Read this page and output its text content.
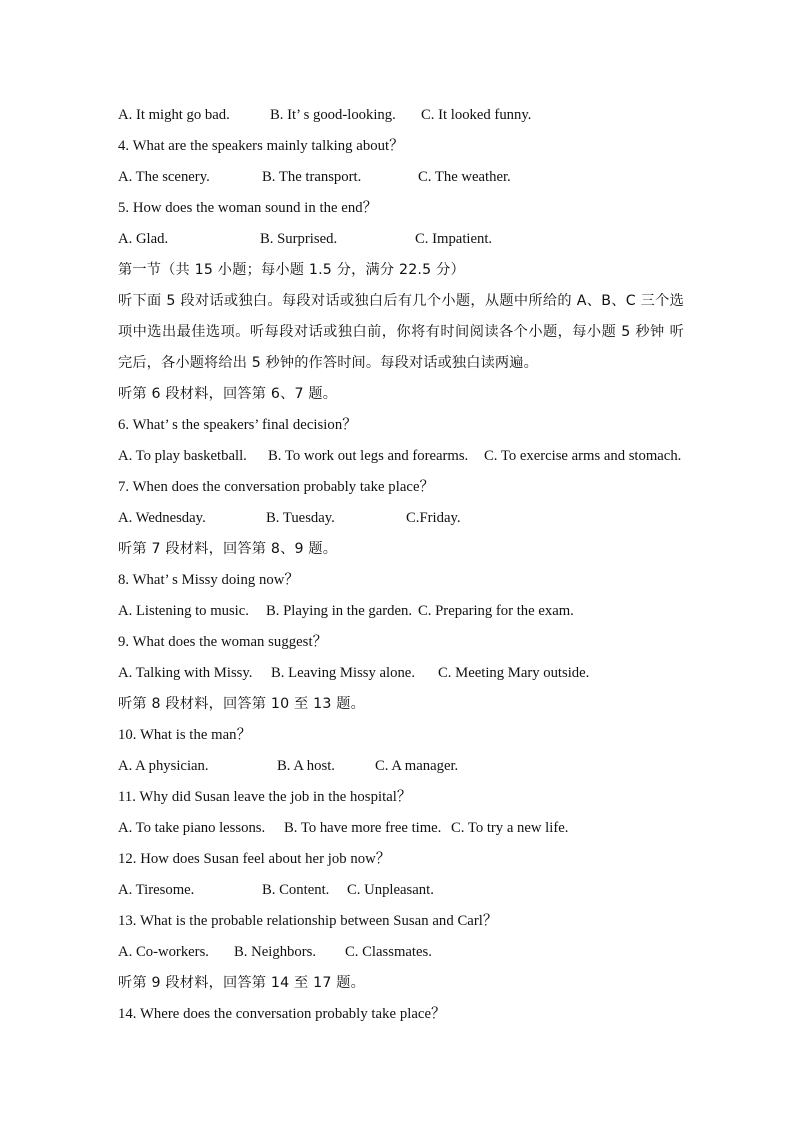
A. It might go bad.	B. It’ s good-looking. C. It looked funny.
4. What are the speakers mainly talking about？
A. The scenery.	B. The transport.	C. The weather.
5. How does the woman sound in the end？
A. Glad.	B. Surprised.	C. Impatient.
第一节（共 15 小题；每小题 1.5 分，满分 22.5 分）
听下面 5 段对话或独白。每段对话或独白后有几个小题，从题中所给的 A、B、C 三个选项中选出最佳选项。听每段对话或独白前，你将有时间阅读各个小题，每小题 5 秒钟 听完后，各小题将给出 5 秒钟的作答时间。每段对话或独白读两遍。
听第 6 段材料，回答第 6、7 题。
6. What’ s the speakers’ final decision？
A. To play basketball. B. To work out legs and forearms. C. To exercise arms and stomach.
7. When does the conversation probably take place？
A. Wednesday.	B. Tuesday.	C.Friday.
听第 7 段材料，回答第 8、9 题。
8. What’ s Missy doing now？
A. Listening to music. B. Playing in the garden. C. Preparing for the exam.
9. What does the woman suggest？
A. Talking with Missy. B. Leaving Missy alone. C. Meeting Mary outside.
听第 8 段材料，回答第 10 至 13 题。
10. What is the man？
A. A physician.	B. A host.	C. A manager.
11. Why did Susan leave the job in the hospital？
A. To take piano lessons. B. To have more free time. C. To try a new life.
12. How does Susan feel about her job now？
A. Tiresome.	B. Content. C. Unpleasant.
13. What is the probable relationship between Susan and Carl？
A. Co-workers. B. Neighbors. C. Classmates.
听第 9 段材料，回答第 14 至 17 题。
14. Where does the conversation probably take place？
